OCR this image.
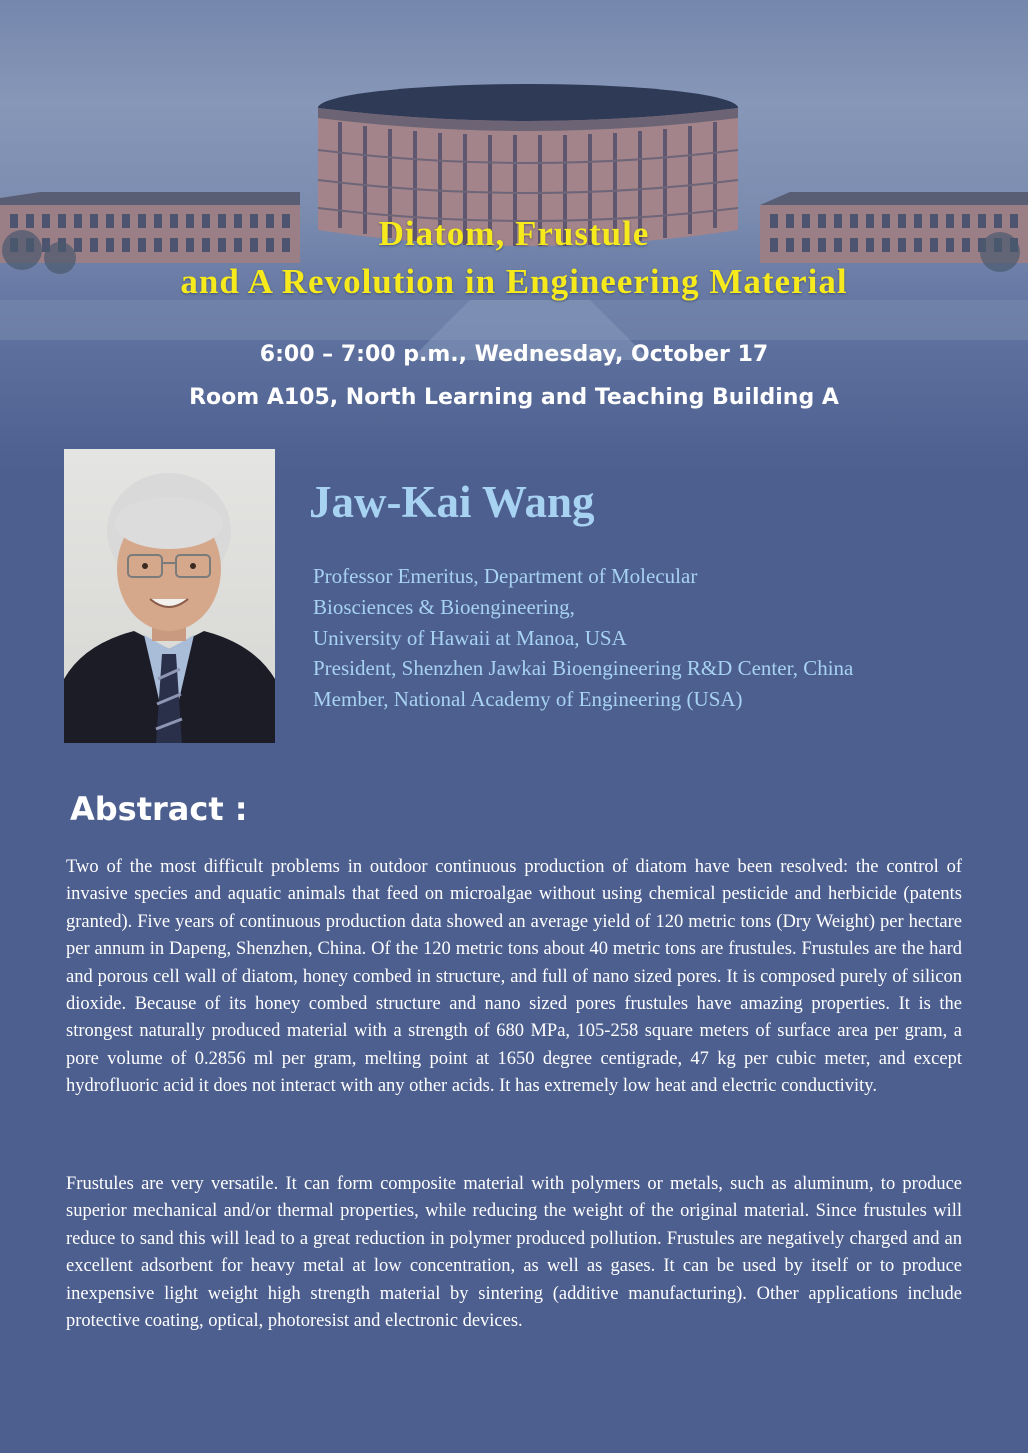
Diatom, Frustule
and A Revolution in Engineering Material
6:00 – 7:00 p.m., Wednesday, October 17
Room A105, North Learning and Teaching Building A
Jaw-Kai Wang
Professor Emeritus, Department of Molecular
Biosciences & Bioengineering,
University of Hawaii at Manoa, USA
President, Shenzhen Jawkai Bioengineering R&D Center, China
Member, National Academy of Engineering (USA)
Abstract :
Two of the most difficult problems in outdoor continuous production of diatom have been resolved: the control of invasive species and aquatic animals that feed on microalgae without using chemical pesticide and herbicide (patents granted). Five years of continuous production data showed an average yield of 120 metric tons (Dry Weight) per hectare per annum in Dapeng, Shenzhen, China. Of the 120 metric tons about 40 metric tons are frustules. Frustules are the hard and porous cell wall of diatom, honey combed in structure, and full of nano sized pores. It is composed purely of silicon dioxide. Because of its honey combed structure and nano sized pores frustules have amazing properties. It is the strongest naturally produced material with a strength of 680 MPa, 105-258 square meters of surface area per gram, a pore volume of 0.2856 ml per gram, melting point at 1650 degree centigrade, 47 kg per cubic meter, and except hydrofluoric acid it does not interact with any other acids. It has extremely low heat and electric conductivity.
Frustules are very versatile. It can form composite material with polymers or metals, such as aluminum, to produce superior mechanical and/or thermal properties, while reducing the weight of the original material. Since frustules will reduce to sand this will lead to a great reduction in polymer produced pollution. Frustules are negatively charged and an excellent adsorbent for heavy metal at low concentration, as well as gases. It can be used by itself or to produce inexpensive light weight high strength material by sintering (additive manufacturing). Other applications include protective coating, optical, photoresist and electronic devices.
